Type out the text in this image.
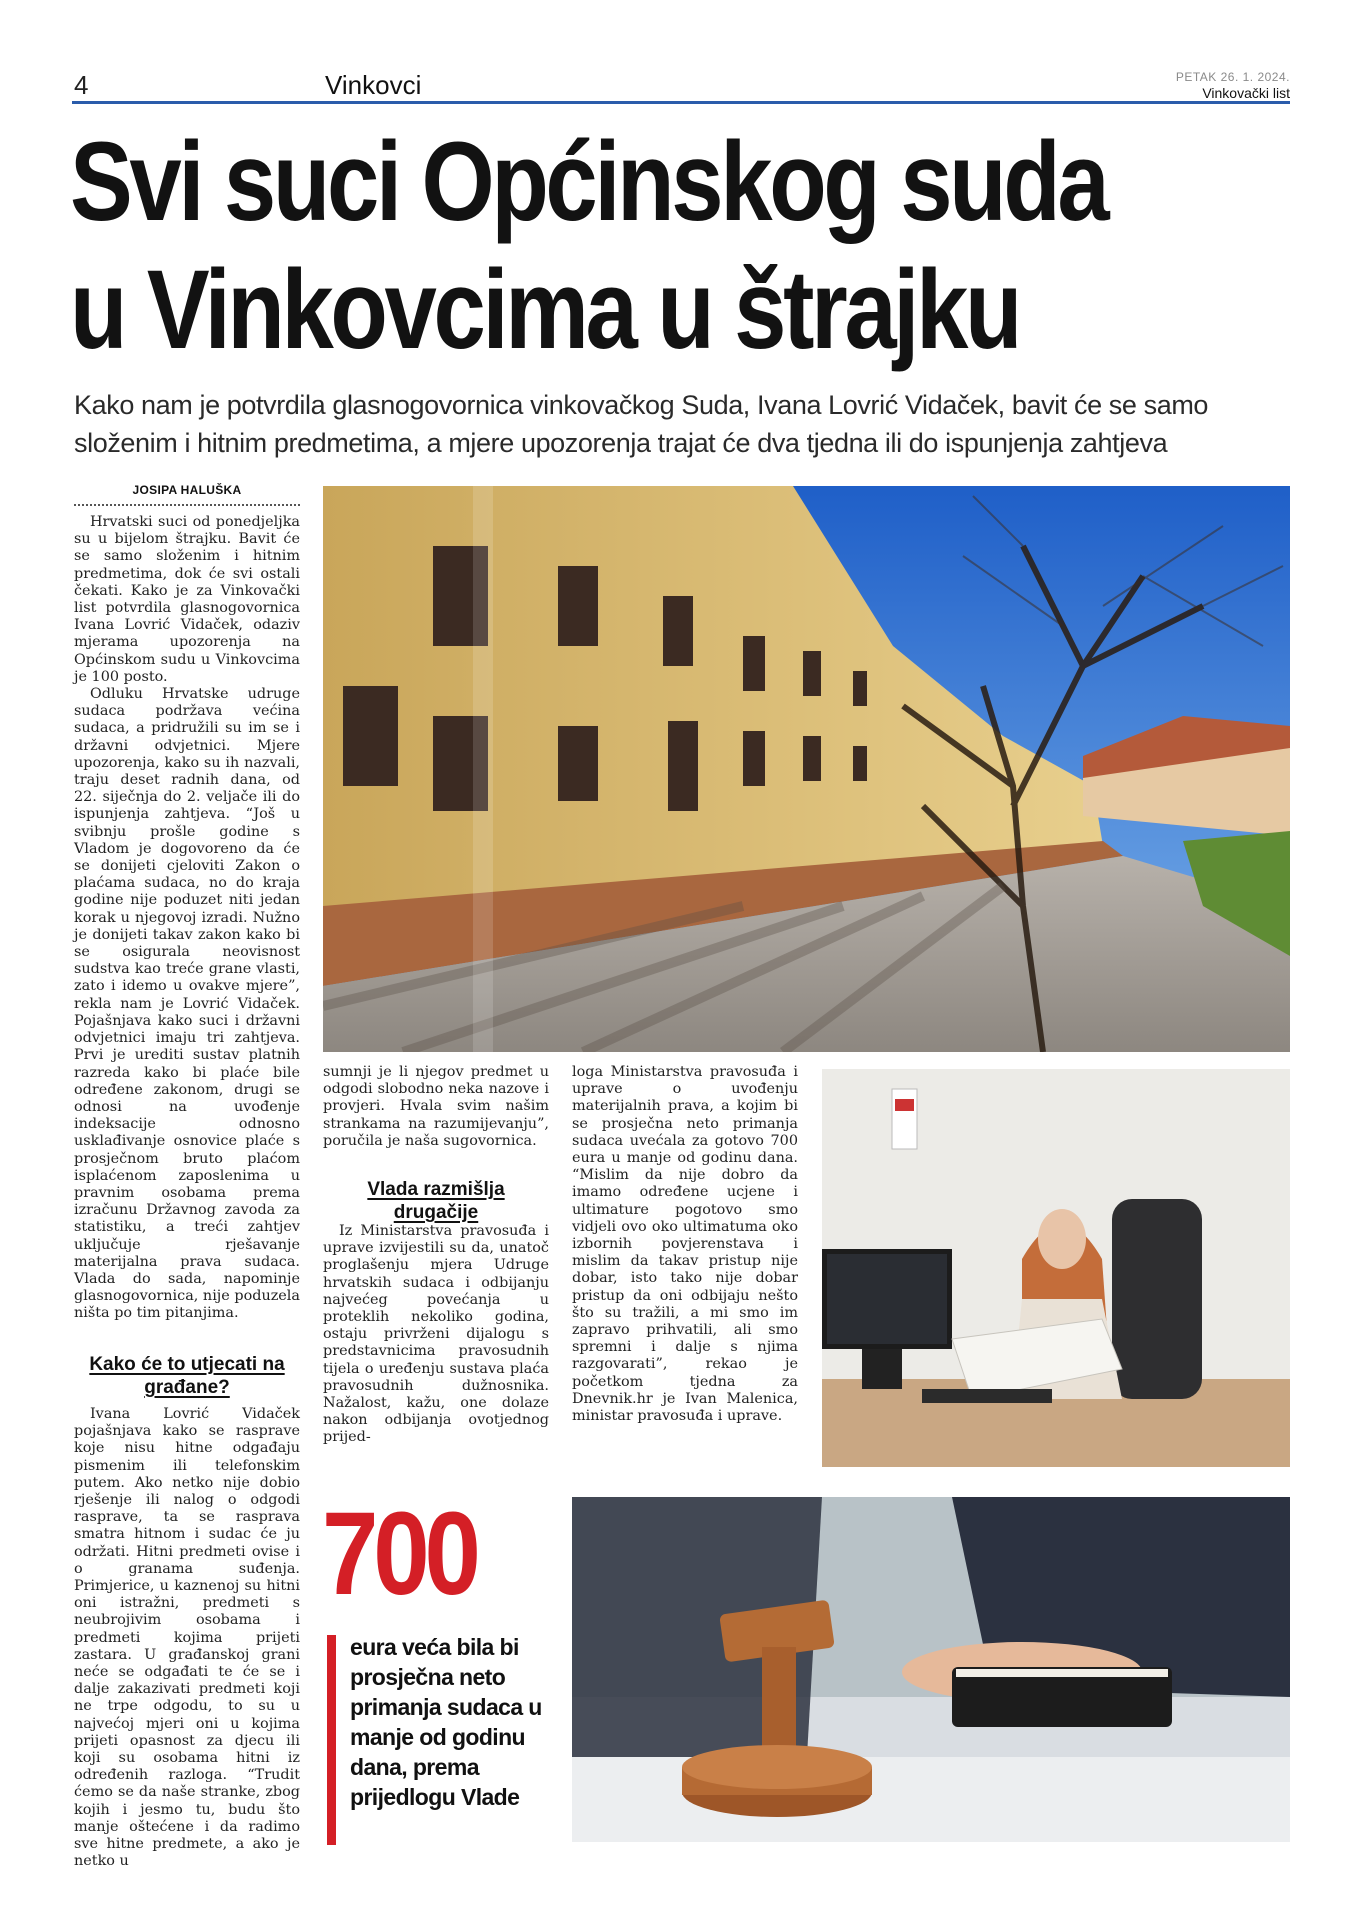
4	Vinkovci	PETAK 26. 1. 2024.
Vinkovački list
Svi suci Općinskog suda
u Vinkovcima u štrajku
Kako nam je potvrdila glasnogovornica vinkovačkog Suda, Ivana Lovrić Vidaček, bavit će se samo složenim i hitnim predmetima, a mjere upozorenja trajat će dva tjedna ili do ispunjenja zahtjeva
JOSIPA HALUŠKA

Hrvatski suci od ponedjeljka su u bijelom štrajku. Bavit će se samo složenim i hitnim predmetima, dok će svi ostali čekati. Kako je za Vinkovački list potvrdila glasnogovornica Ivana Lovrić Vidaček, odaziv mjerama upozorenja na Općinskom sudu u Vinkovcima je 100 posto.

Odluku Hrvatske udruge sudaca podržava većina sudaca, a pridružili su im se i državni odvjetnici. Mjere upozorenja, kako su ih nazvali, traju deset radnih dana, od 22. siječnja do 2. veljače ili do ispunjenja zahtjeva. “Još u svibnju prošle godine s Vladom je dogovoreno da će se donijeti cjeloviti Zakon o plaćama sudaca, no do kraja godine nije poduzet niti jedan korak u njegovoj izradi. Nužno je donijeti takav zakon kako bi se osigurala neovisnost sudstva kao treće grane vlasti, zato i idemo u ovakve mjere”, rekla nam je Lovrić Vidaček. Pojašnjava kako suci i državni odvjetnici imaju tri zahtjeva. Prvi je urediti sustav platnih razreda kako bi plaće bile određene zakonom, drugi se odnosi na uvođenje indeksacije odnosno usklađivanje osnovice plaće s prosječnom bruto plaćom isplaćenom zaposlenima u pravnim osobama prema izračunu Državnog zavoda za statistiku, a treći zahtjev uključuje rješavanje materijalna prava sudaca. Vlada do sada, napominje glasnogovornica, nije poduzela ništa po tim pitanjima.

Kako će to utjecati na građane?

Ivana Lovrić Vidaček pojašnjava kako se rasprave koje nisu hitne odgađaju pismenim ili telefonskim putem. Ako netko nije dobio rješenje ili nalog o odgodi rasprave, ta se rasprava smatra hitnom i sudac će ju održati. Hitni predmeti ovise i o granama suđenja. Primjerice, u kaznenoj su hitni oni istražni, predmeti s neubrojivim osobama i predmeti kojima prijeti zastara. U građanskoj grani neće se odgađati te će se i dalje zakazivati predmeti koji ne trpe odgodu, to su u najvećoj mjeri oni u kojima prijeti opasnost za djecu ili koji su osobama hitni iz određenih razloga. “Trudit ćemo se da naše stranke, zbog kojih i jesmo tu, budu što manje oštećene i da radimo sve hitne predmete, a ako je netko u

sumnji je li njegov predmet u odgodi slobodno neka nazove i provjeri. Hvala svim našim strankama na razumijevanju”, poručila je naša sugovornica.

Vlada razmišlja drugačije

Iz Ministarstva pravosuđa i uprave izvijestili su da, unatoč proglašenju mjera Udruge hrvatskih sudaca i odbijanju najvećeg povećanja u proteklih nekoliko godina, ostaju privrženi dijalogu s predstavnicima pravosudnih tijela o uređenju sustava plaća pravosudnih dužnosnika. Nažalost, kažu, one dolaze nakon odbijanja ovotjednog prijed-

loga Ministarstva pravosuđa i uprave o uvođenju materijalnih prava, a kojim bi se prosječna neto primanja sudaca uvećala za gotovo 700 eura u manje od godinu dana. “Mislim da nije dobro da imamo određene ucjene i ultimature pogotovo smo vidjeli ovo oko ultimatuma oko izbornih povjerenstava i mislim da takav pristup nije dobar, isto tako nije dobar pristup da oni odbijaju nešto što su tražili, a mi smo im zapravo prihvatili, ali smo spremni i dalje s njima razgovarati”, rekao je početkom tjedna za Dnevnik.hr je Ivan Malenica, ministar pravosuđa i uprave.

700
eura veća bila bi prosječna neto primanja sudaca u manje od godinu dana, prema prijedlogu Vlade
